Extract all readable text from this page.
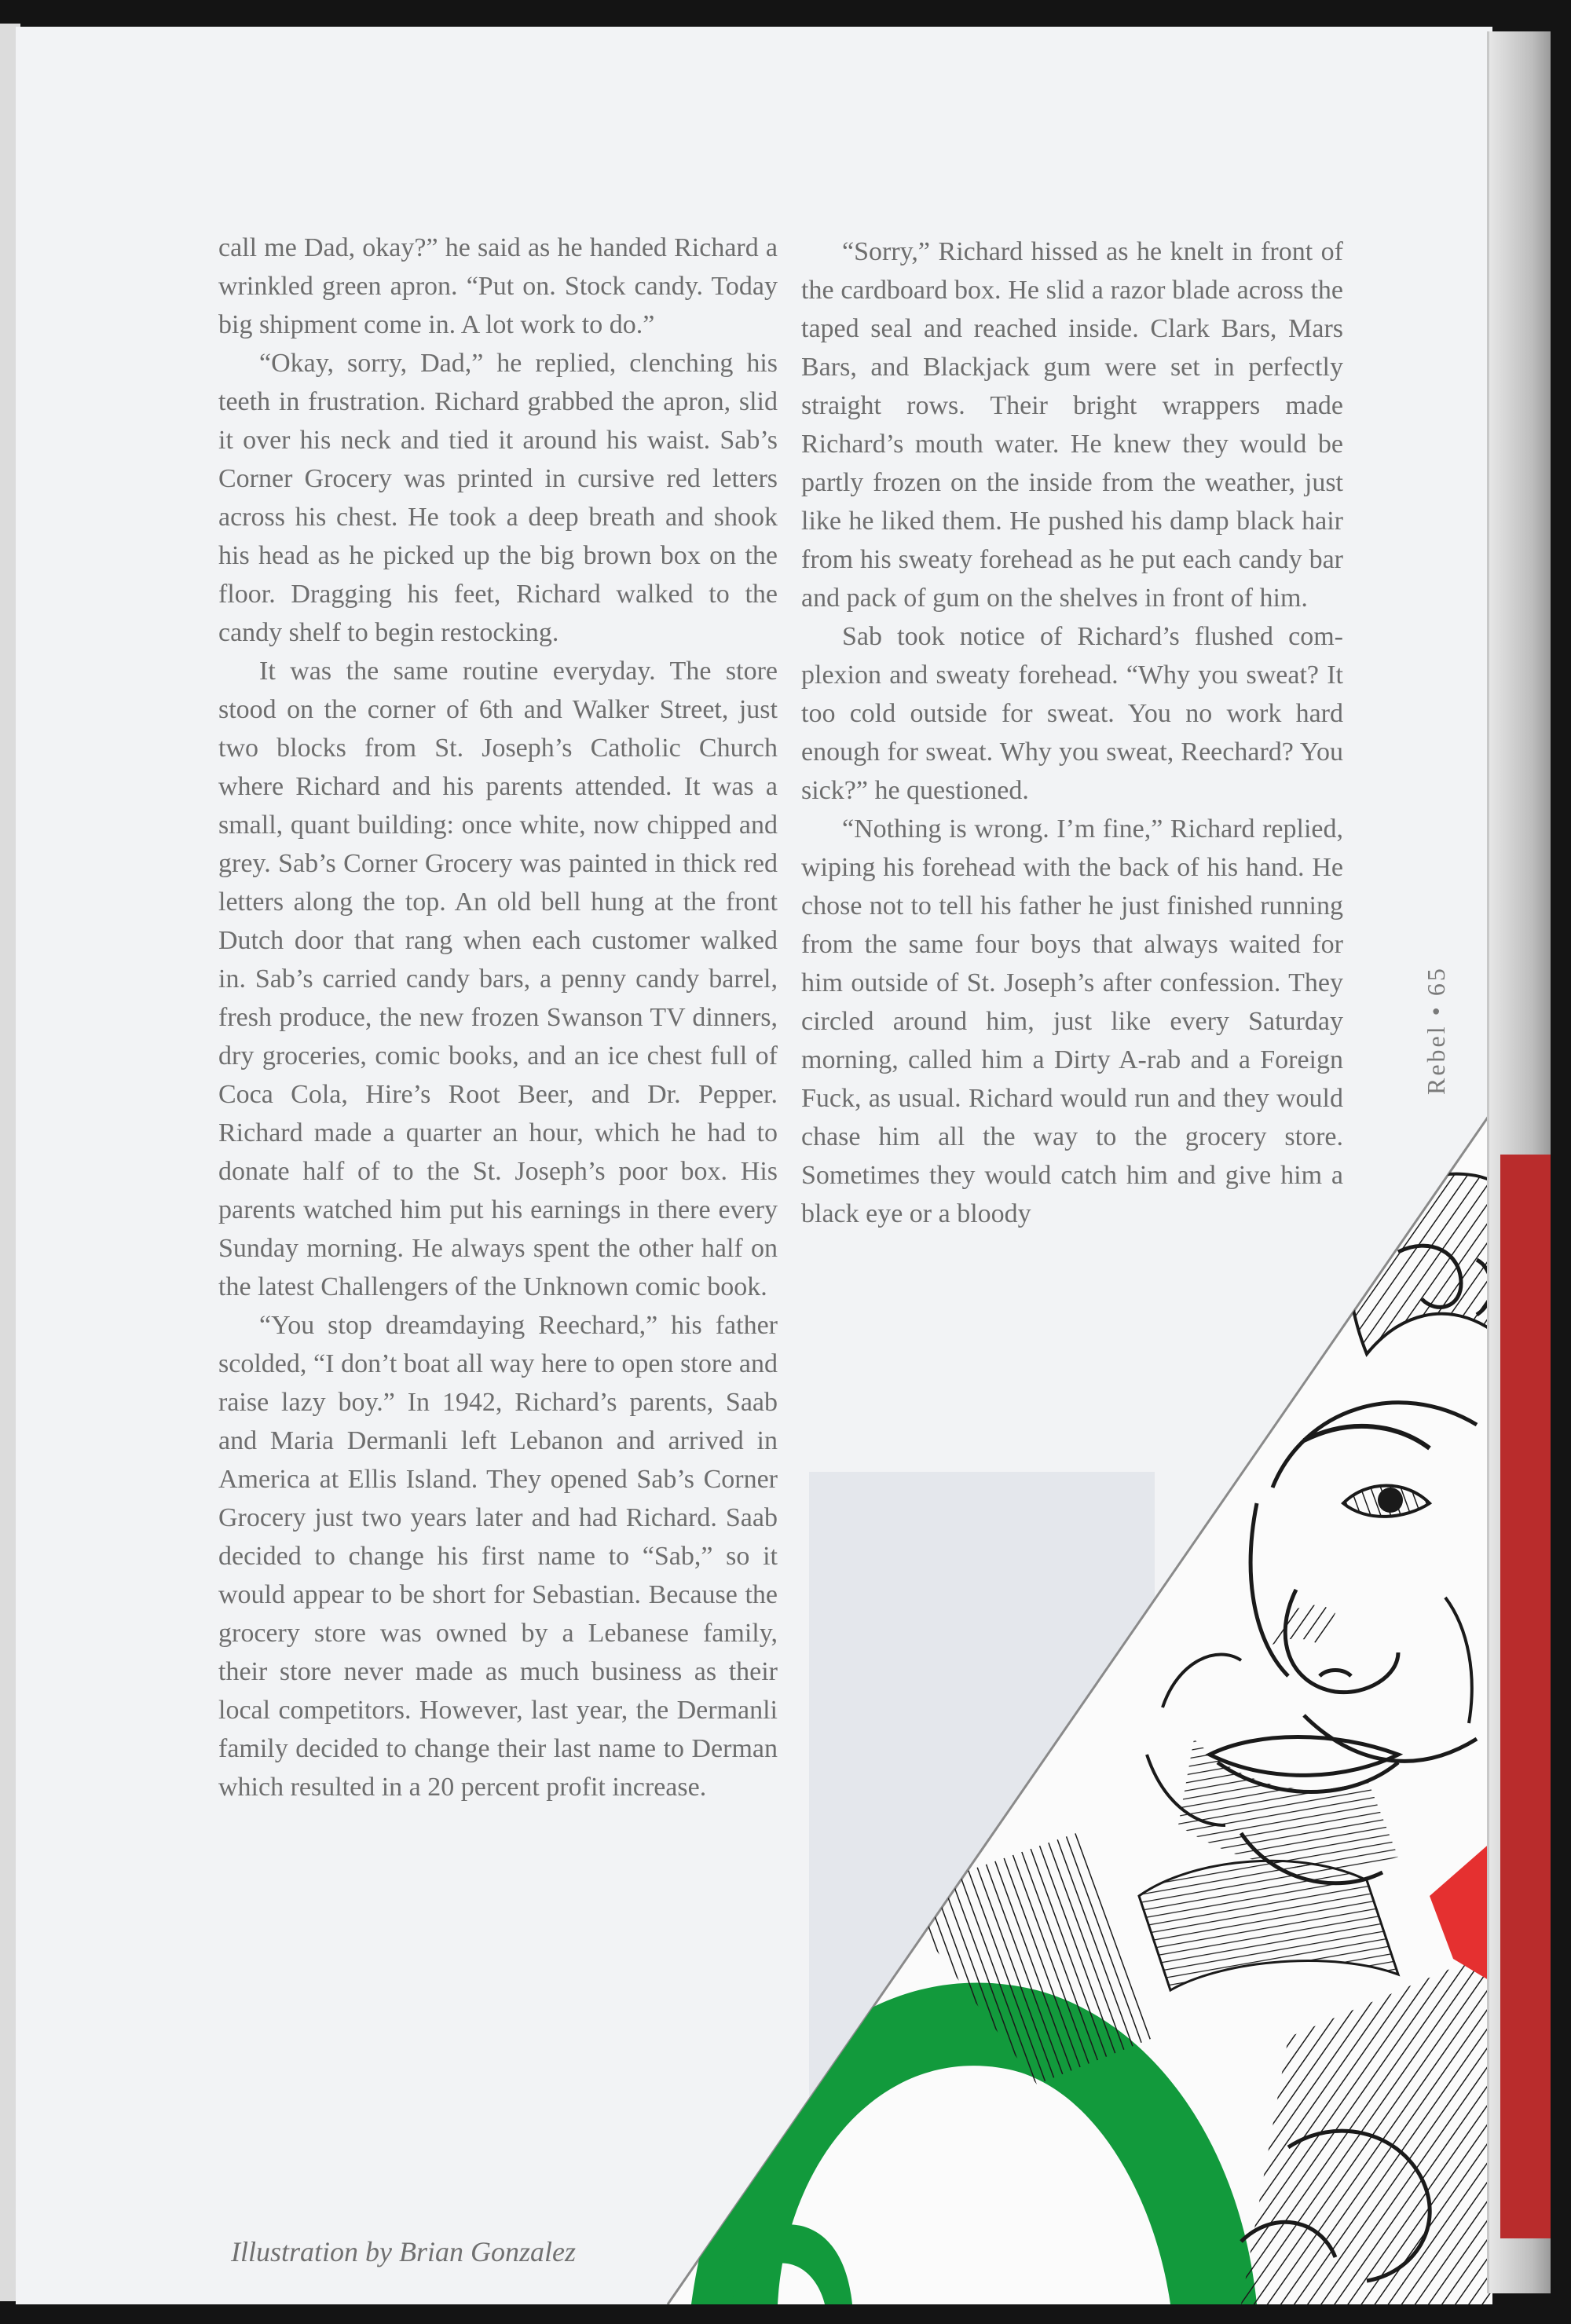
call me Dad, okay?” he said as he handed Richard a wrinkled green apron. “Put on. Stock candy. Today big shipment come in. A lot work to do.”

“Okay, sorry, Dad,” he replied, clenching his teeth in frustration. Richard grabbed the apron, slid it over his neck and tied it around his waist. Sab’s Corner Grocery was printed in cursive red letters across his chest. He took a deep breath and shook his head as he picked up the big brown box on the floor. Dragging his feet, Richard walked to the candy shelf to begin restocking.

It was the same routine everyday. The store stood on the corner of 6th and Walker Street, just two blocks from St. Joseph’s Catholic Church where Richard and his parents attended. It was a small, quant building: once white, now chipped and grey. Sab’s Corner Grocery was painted in thick red letters along the top. An old bell hung at the front Dutch door that rang when each customer walked in. Sab’s carried candy bars, a penny candy barrel, fresh produce, the new frozen Swanson TV dinners, dry groceries, comic books, and an ice chest full of Coca Cola, Hire’s Root Beer, and Dr. Pepper. Richard made a quarter an hour, which he had to donate half of to the St. Joseph’s poor box. His parents watched him put his earnings in there every Sunday morning. He always spent the other half on the latest Challengers of the Unknown comic book.

“You stop dreamdaying Reechard,” his father scolded, “I don’t boat all way here to open store and raise lazy boy.” In 1942, Richard’s parents, Saab and Maria Dermanli left Lebanon and arrived in America at Ellis Island. They opened Sab’s Corner Grocery just two years later and had Richard. Saab decided to change his first name to “Sab,” so it would appear to be short for Sebastian. Because the grocery store was owned by a Lebanese family, their store never made as much business as their local competitors. However, last year, the Dermanli family decided to change their last name to Derman which resulted in a 20 percent profit increase.

“Sorry,” Richard hissed as he knelt in front of the cardboard box. He slid a razor blade across the taped seal and reached inside. Clark Bars, Mars Bars, and Blackjack gum were set in perfectly straight rows. Their bright wrappers made Richard’s mouth water. He knew they would be partly frozen on the inside from the weather, just like he liked them. He pushed his damp black hair from his sweaty forehead as he put each candy bar and pack of gum on the shelves in front of him.

Sab took notice of Richard’s flushed com-plexion and sweaty forehead. “Why you sweat? It too cold outside for sweat. You no work hard enough for sweat. Why you sweat, Reechard? You sick?” he questioned.

“Nothing is wrong. I’m fine,” Richard replied, wiping his forehead with the back of his hand. He chose not to tell his father he just finished running from the same four boys that always waited for him outside of St. Joseph’s after confession. They circled around him, just like every Saturday morning, called him a Dirty A-rab and a Foreign Fuck, as usual. Richard would run and they would chase him all the way to the grocery store. Sometimes they would catch him and give him a black eye or a bloody

Illustration by Brian Gonzalez
Rebel • 65
